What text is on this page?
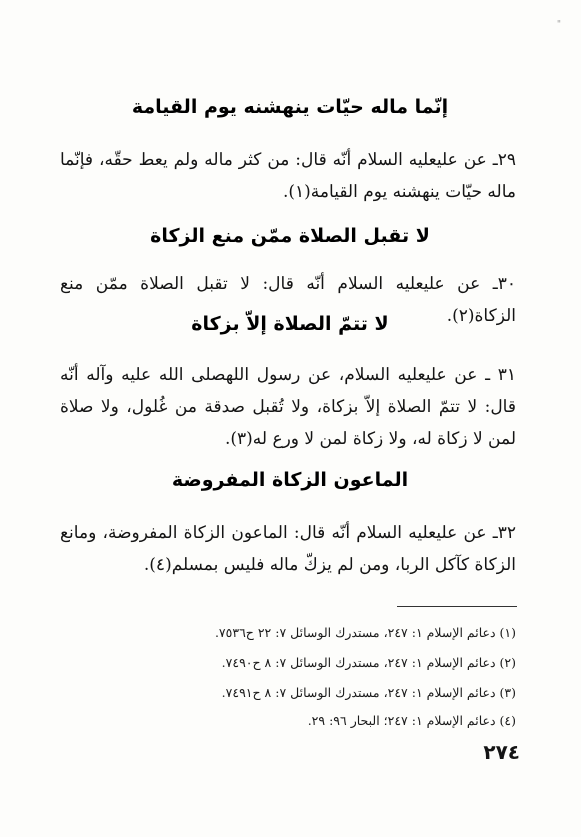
"
إنّما ماله حيّات ينهشنه يوم القيامة
٢٩ـ عن عليعليه السلام أنّه قال: من كثر ماله ولم يعط حقّه، فإنّما ماله حيّات ينهشنه يوم القيامة(١).
لا تقبل الصلاة ممّن منع الزكاة
٣٠ـ عن عليعليه السلام أنّه قال: لا تقبل الصلاة ممّن منع الزكاة(٢).
لا تتمّ الصلاة إلاّ بزكاة
٣١ ـ عن عليعليه السلام، عن رسول اللهصلى الله عليه وآله أنّه قال: لا تتمّ الصلاة إلاّ بزكاة، ولا تُقبل صدقة من غُلول، ولا صلاة لمن لا زكاة له، ولا زكاة لمن لا ورع له(٣).
الماعون الزكاة المفروضة
٣٢ـ عن عليعليه السلام أنّه قال: الماعون الزكاة المفروضة، ومانع الزكاة كآكل الربا، ومن لم يزكّ ماله فليس بمسلم(٤).
(١) دعائم الإسلام ١: ٢٤٧، مستدرك الوسائل ٧: ٢٢ ح٧٥٣٦.
(٢) دعائم الإسلام ١: ٢٤٧، مستدرك الوسائل ٧: ٨ ح٧٤٩٠.
(٣) دعائم الإسلام ١: ٢٤٧، مستدرك الوسائل ٧: ٨ ح٧٤٩١.
(٤) دعائم الإسلام ١: ٢٤٧؛ البحار ٩٦: ٢٩.
٢٧٤
